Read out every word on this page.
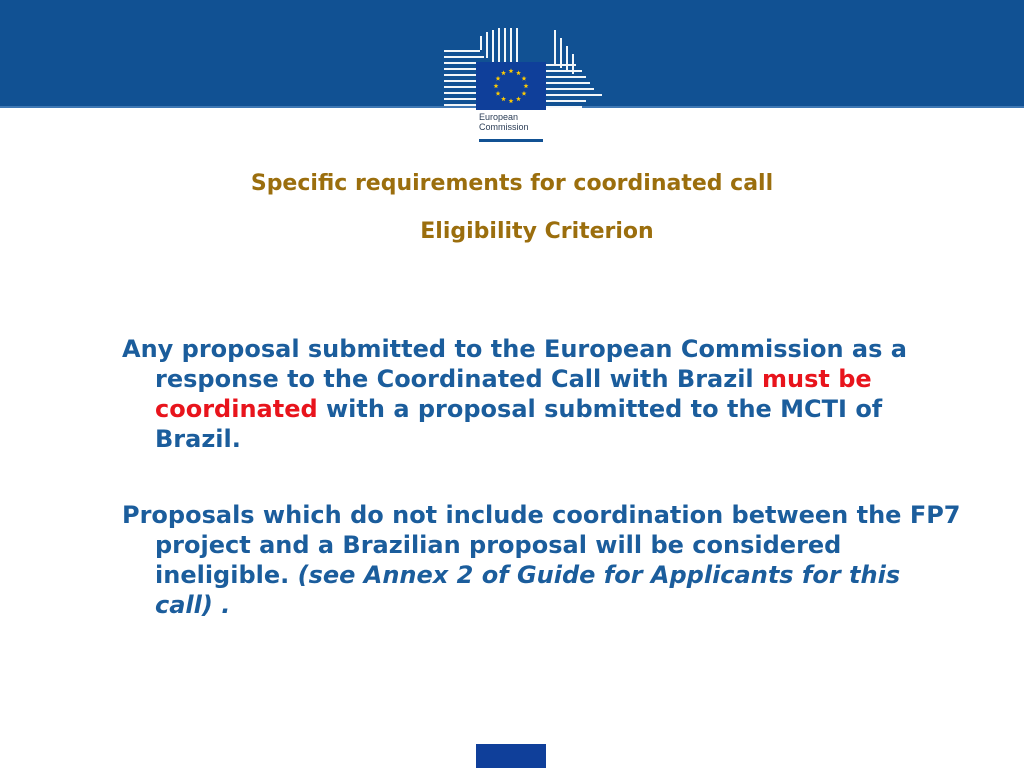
European
Commission
Specific requirements for coordinated call
Eligibility Criterion

Any proposal submitted to the European Commission as a response to the Coordinated Call with Brazil must be coordinated with a proposal submitted to the MCTI of Brazil.

Proposals which do not include coordination between the FP7 project and a Brazilian proposal will be considered ineligible. (see Annex 2 of Guide for Applicants for this call) .
